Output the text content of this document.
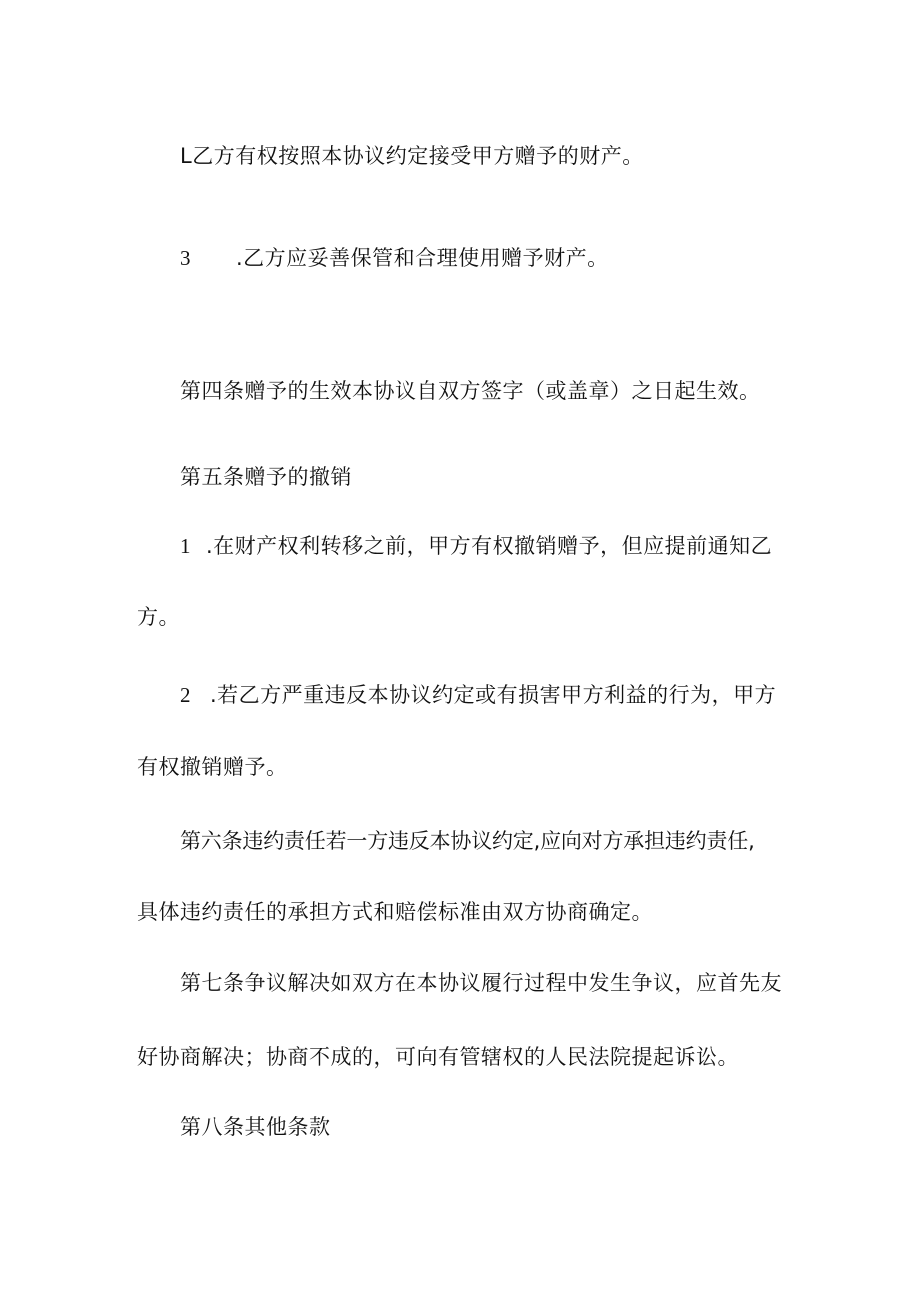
L乙方有权按照本协议约定接受甲方赠予的财产。
3 .乙方应妥善保管和合理使用赠予财产。
第四条赠予的生效本协议自双方签字（或盖章）之日起生效。
第五条赠予的撤销
1 .在财产权利转移之前，甲方有权撤销赠予，但应提前通知乙
方。
2 .若乙方严重违反本协议约定或有损害甲方利益的行为，甲方
有权撤销赠予。
第六条违约责任若一方违反本协议约定,应向对方承担违约责任,
具体违约责任的承担方式和赔偿标准由双方协商确定。
第七条争议解决如双方在本协议履行过程中发生争议，应首先友
好协商解决；协商不成的，可向有管辖权的人民法院提起诉讼。
第八条其他条款
